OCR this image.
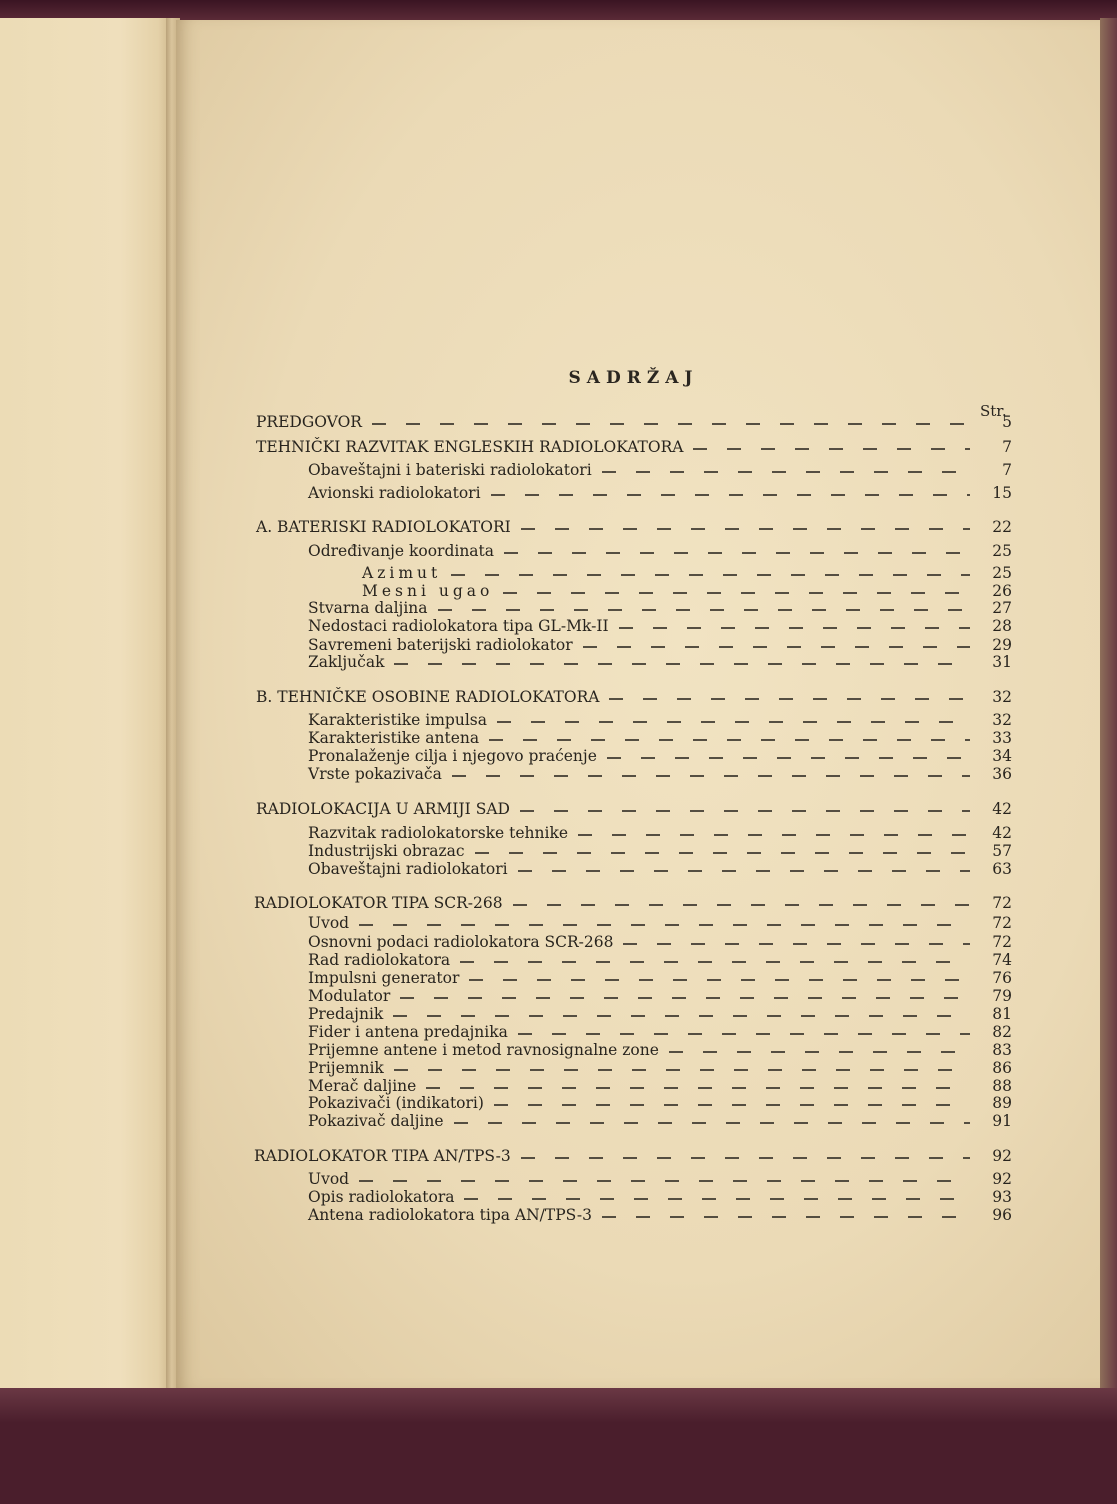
SADRŽAJ
Str.
PREDGOVOR	5
TEHNIČKI RAZVITAK ENGLESKIH RADIOLOKATORA	7
Obaveštajni i bateriski radiolokatori	7
Avionski radiolokatori	15
A. BATERISKI RADIOLOKATORI	22
Određivanje koordinata	25
Azimut	25
Mesni ugao	26
Stvarna daljina	27
Nedostaci radiolokatora tipa GL-Mk-II	28
Savremeni baterijski radiolokator	29
Zaključak	31
B. TEHNIČKE OSOBINE RADIOLOKATORA	32
Karakteristike impulsa	32
Karakteristike antena	33
Pronalaženje cilja i njegovo praćenje	34
Vrste pokazivača	36
RADIOLOKACIJA U ARMIJI SAD	42
Razvitak radiolokatorske tehnike	42
Industrijski obrazac	57
Obaveštajni radiolokatori	63
RADIOLOKATOR TIPA SCR-268	72
Uvod	72
Osnovni podaci radiolokatora SCR-268	72
Rad radiolokatora	74
Impulsni generator	76
Modulator	79
Predajnik	81
Fider i antena predajnika	82
Prijemne antene i metod ravnosignalne zone	83
Prijemnik	86
Merač daljine	88
Pokazivači (indikatori)	89
Pokazivač daljine	91
RADIOLOKATOR TIPA AN/TPS-3	92
Uvod	92
Opis radiolokatora	93
Antena radiolokatora tipa AN/TPS-3	96
